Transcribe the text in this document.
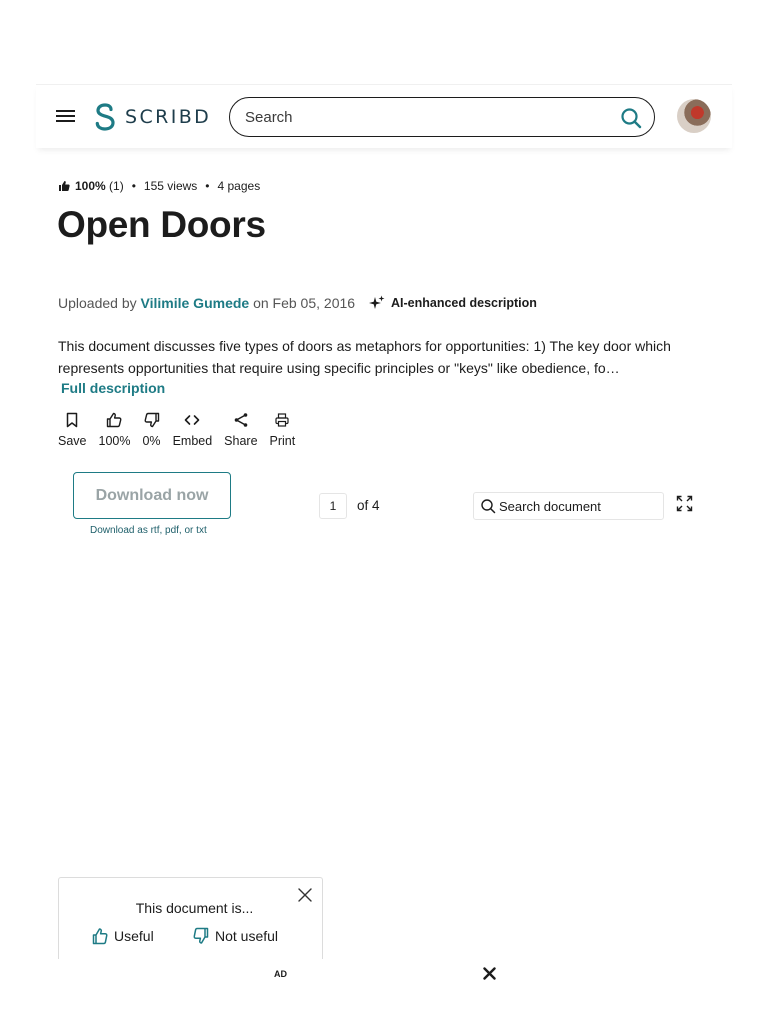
SCRIBD
Search
100%
(1) • 155 views • 4 pages
Open Doors
Uploaded by Vilimile Gumede on Feb 05, 2016	AI-enhanced description

This document discusses five types of doors as metaphors for opportunities: 1) The key door which represents opportunities that require using specific principles or "keys" like obedience, fo…

Full description
Save 100% 0% Embed Share Print
Download now
Download as rtf, pdf, or txt
1
of 4
Search document
This document is...
Useful	Not useful
AD
